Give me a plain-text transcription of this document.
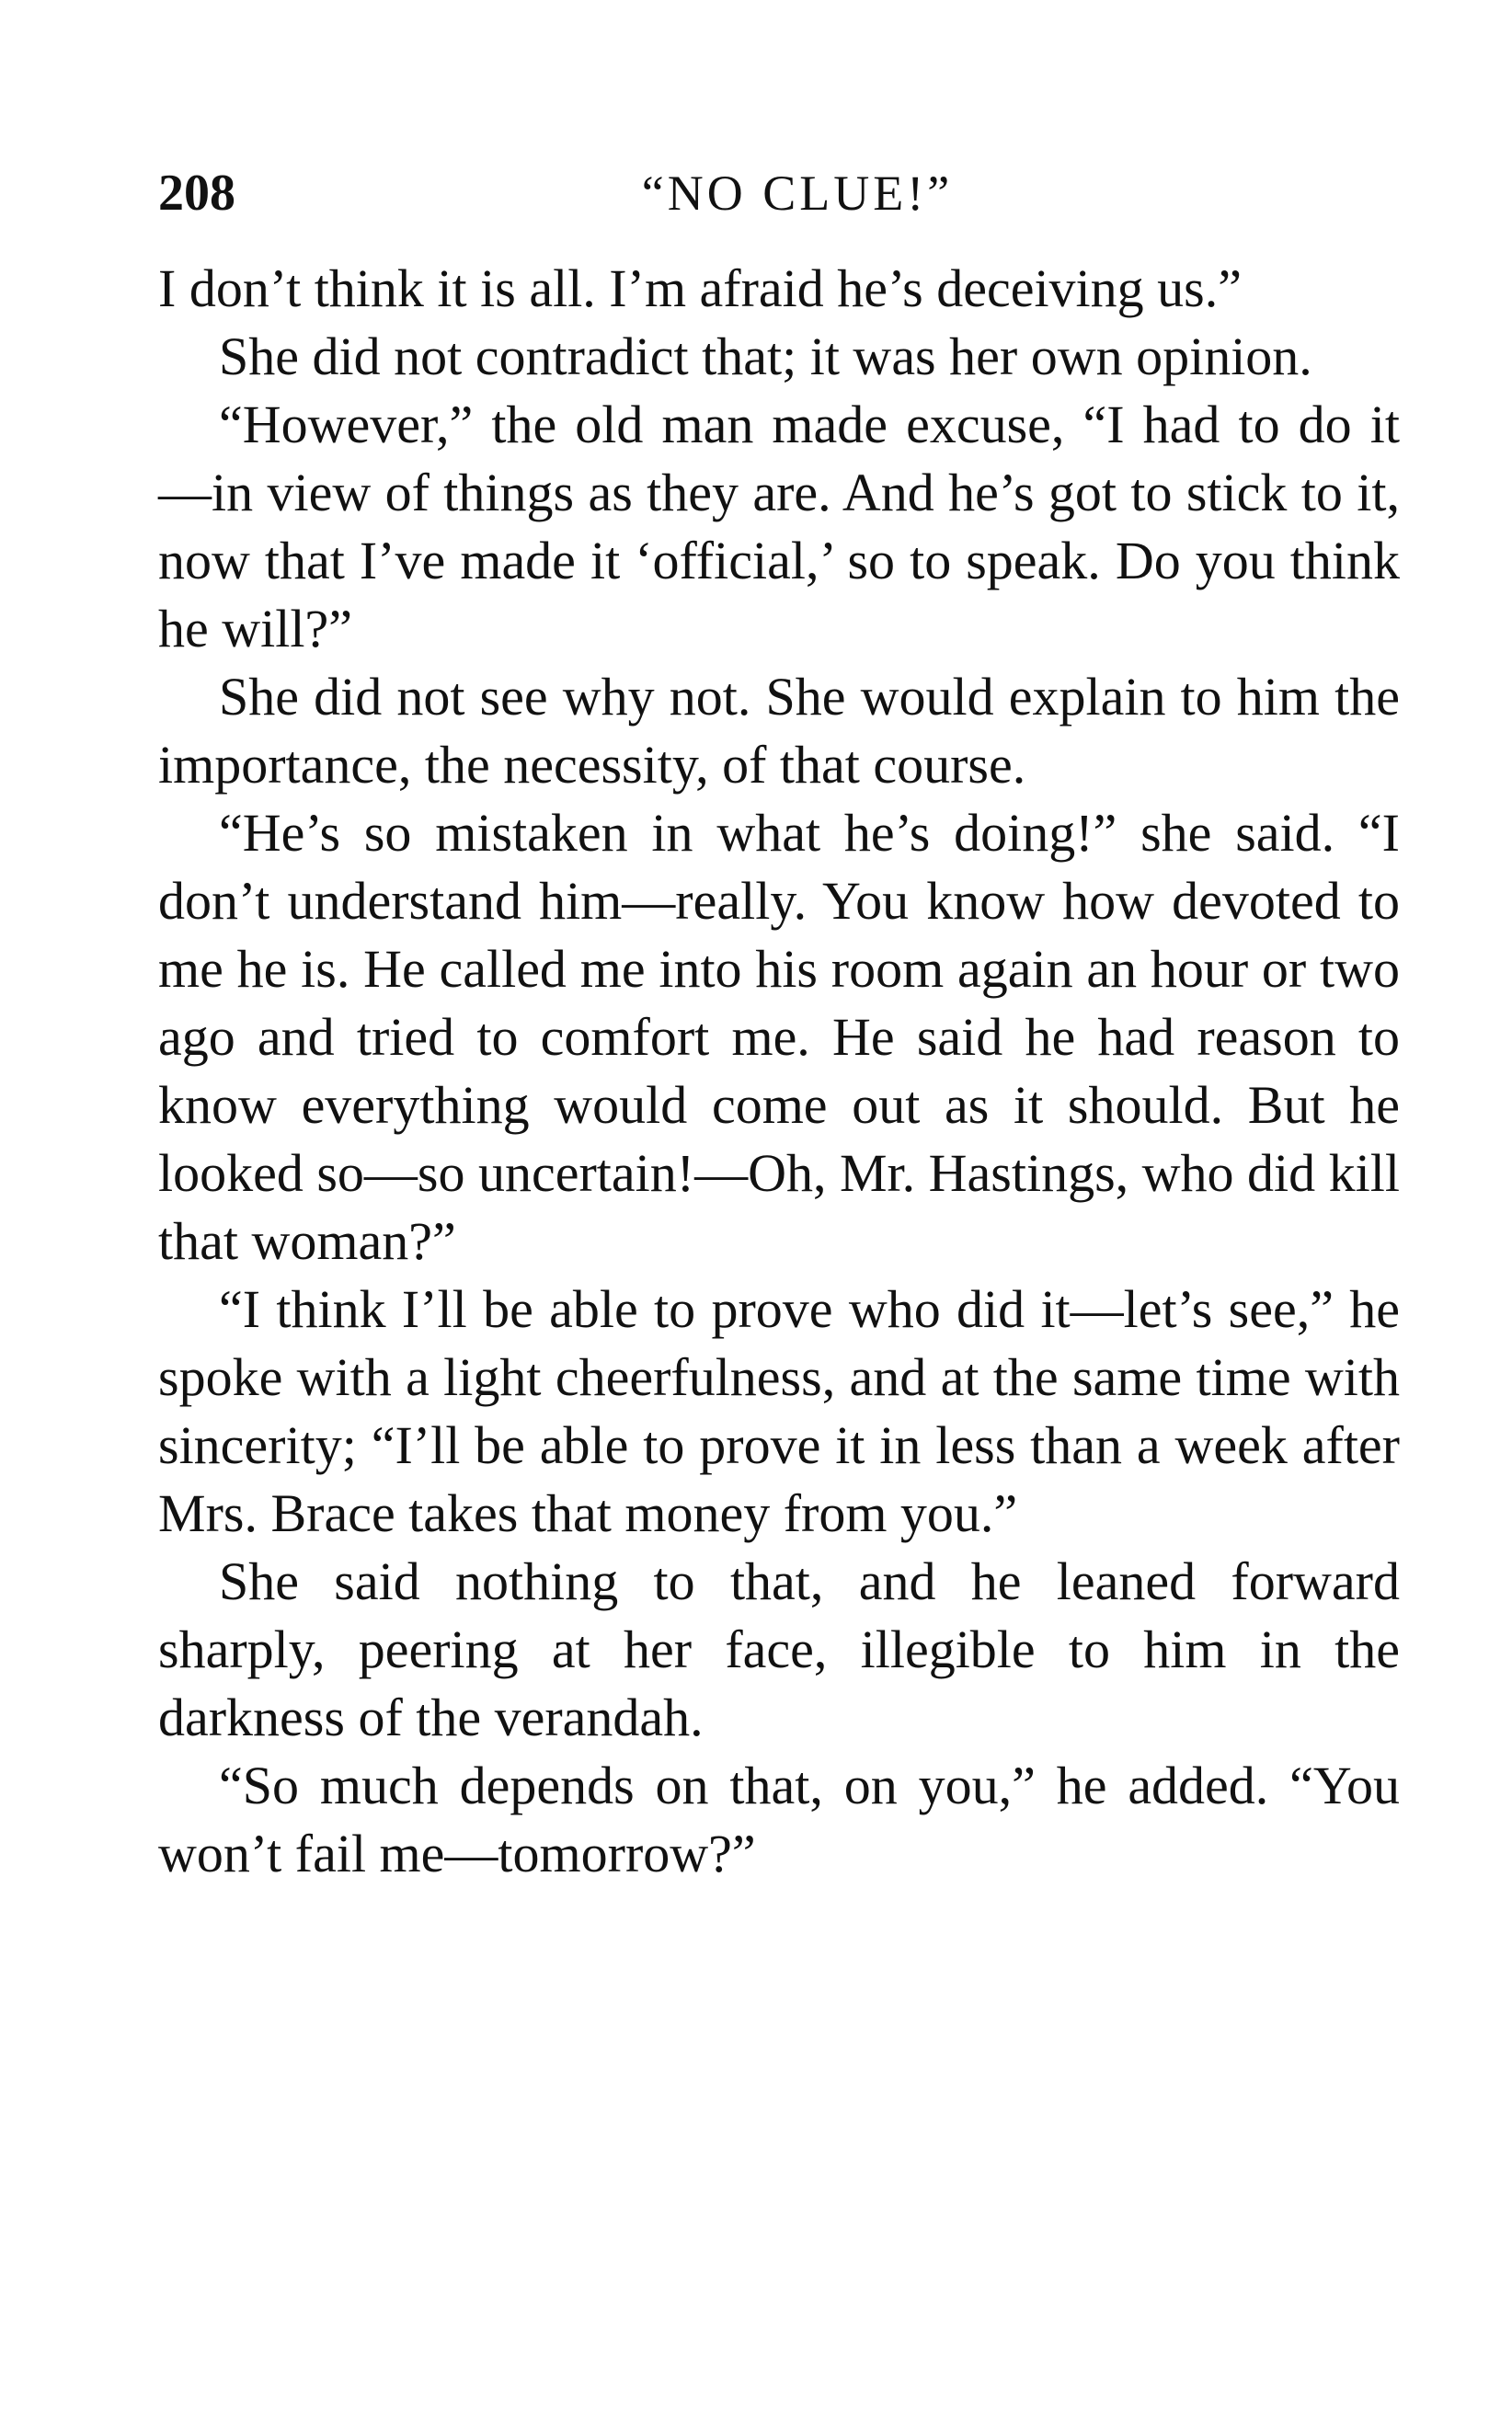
208	“NO CLUE!”

I don’t think it is all. I’m afraid he’s deceiving us.”

She did not contradict that; it was her own opinion.

“However,” the old man made excuse, “I had to do it—in view of things as they are. And he’s got to stick to it, now that I’ve made it ‘official,’ so to speak. Do you think he will?”

She did not see why not. She would explain to him the importance, the necessity, of that course.

“He’s so mistaken in what he’s doing!” she said. “I don’t understand him—really. You know how devoted to me he is. He called me into his room again an hour or two ago and tried to comfort me. He said he had reason to know everything would come out as it should. But he looked so—so uncertain!—Oh, Mr. Hastings, who did kill that woman?”

“I think I’ll be able to prove who did it—let’s see,” he spoke with a light cheerfulness, and at the same time with sincerity; “I’ll be able to prove it in less than a week after Mrs. Brace takes that money from you.”

She said nothing to that, and he leaned forward sharply, peering at her face, illegible to him in the darkness of the verandah.

“So much depends on that, on you,” he added. “You won’t fail me—tomorrow?”
